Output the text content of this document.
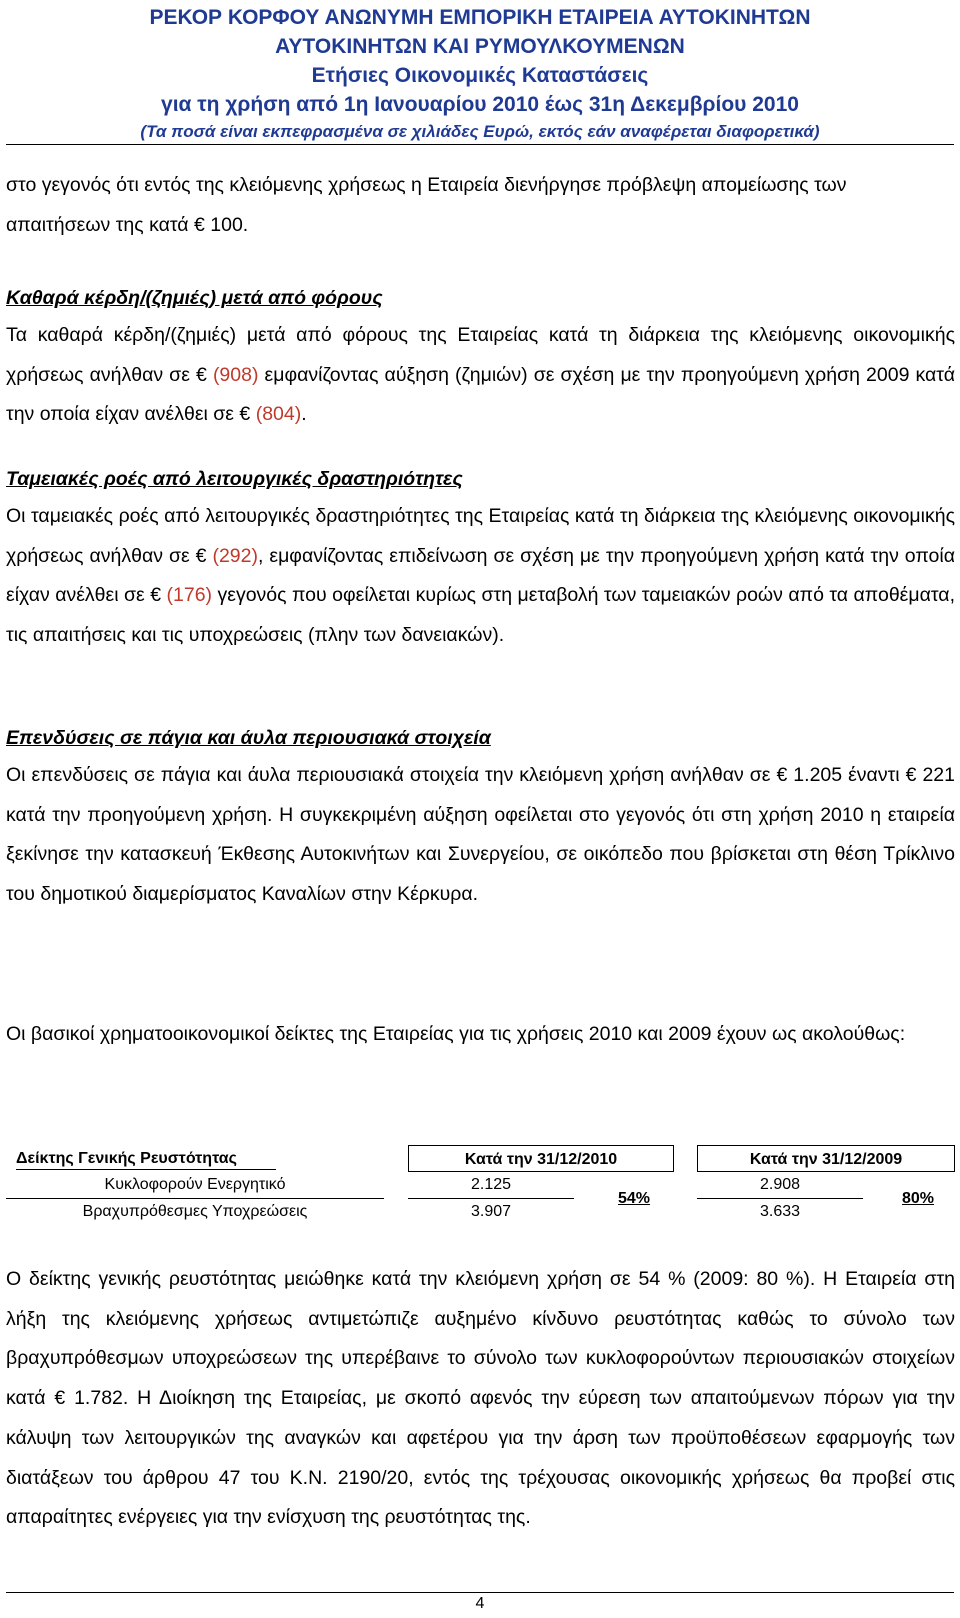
ΡΕΚΟΡ ΚΟΡΦΟΥ ΑΝΩΝΥΜΗ ΕΜΠΟΡΙΚΗ ΕΤΑΙΡΕΙΑ ΑΥΤΟΚΙΝΗΤΩΝ
ΑΥΤΟΚΙΝΗΤΩΝ ΚΑΙ ΡΥΜΟΥΛΚΟΥΜΕΝΩΝ
Ετήσιες Οικονομικές Καταστάσεις
για τη χρήση από 1η Ιανουαρίου 2010 έως 31η Δεκεμβρίου 2010
(Τα ποσά είναι εκπεφρασμένα σε χιλιάδες Ευρώ, εκτός εάν αναφέρεται διαφορετικά)
στο γεγονός ότι εντός της κλειόμενης χρήσεως η Εταιρεία διενήργησε πρόβλεψη απομείωσης των απαιτήσεων της κατά € 100.
Καθαρά κέρδη/(ζημιές) μετά από φόρους
Τα καθαρά κέρδη/(ζημιές) μετά από φόρους της Εταιρείας κατά τη διάρκεια της κλειόμενης οικονομικής χρήσεως ανήλθαν σε € (908) εμφανίζοντας αύξηση (ζημιών) σε σχέση με την προηγούμενη χρήση 2009 κατά την οποία είχαν ανέλθει σε € (804).
Ταμειακές ροές από λειτουργικές δραστηριότητες
Οι ταμειακές ροές από λειτουργικές δραστηριότητες της Εταιρείας κατά τη διάρκεια της κλειόμενης οικονομικής χρήσεως ανήλθαν σε € (292), εμφανίζοντας επιδείνωση σε σχέση με την προηγούμενη χρήση κατά την οποία είχαν ανέλθει σε € (176) γεγονός που οφείλεται κυρίως στη μεταβολή των ταμειακών ροών από τα αποθέματα, τις απαιτήσεις και τις υποχρεώσεις (πλην των δανειακών).
Επενδύσεις σε πάγια και άυλα περιουσιακά στοιχεία
Οι επενδύσεις σε πάγια και άυλα περιουσιακά στοιχεία την κλειόμενη χρήση ανήλθαν σε € 1.205 έναντι € 221 κατά την προηγούμενη χρήση. Η συγκεκριμένη αύξηση οφείλεται στο γεγονός ότι στη χρήση 2010 η εταιρεία ξεκίνησε την κατασκευή Έκθεσης Αυτοκινήτων και Συνεργείου, σε οικόπεδο που βρίσκεται στη θέση Τρίκλινο του δημοτικού διαμερίσματος Καναλίων στην Κέρκυρα.
Οι βασικοί χρηματοοικονομικοί δείκτες της Εταιρείας για τις χρήσεις 2010 και 2009 έχουν ως ακολούθως:
Δείκτης Γενικής Ρευστότητας	Κατά την 31/12/2010	Κατά την 31/12/2009
Κυκλοφορούν Ενεργητικό
Βραχυπρόθεσμες Υποχρεώσεις
2.125
3.907
54%
2.908
3.633
80%
Ο δείκτης γενικής ρευστότητας μειώθηκε κατά την κλειόμενη χρήση σε 54 % (2009: 80 %). Η Εταιρεία στη λήξη της κλειόμενης χρήσεως αντιμετώπιζε αυξημένο κίνδυνο ρευστότητας καθώς το σύνολο των βραχυπρόθεσμων υποχρεώσεων της υπερέβαινε το σύνολο των κυκλοφορούντων περιουσιακών στοιχείων κατά € 1.782. Η Διοίκηση της Εταιρείας, με σκοπό αφενός την εύρεση των απαιτούμενων πόρων για την κάλυψη των λειτουργικών της αναγκών και αφετέρου για την άρση των προϋποθέσεων εφαρμογής των διατάξεων του άρθρου 47 του Κ.Ν. 2190/20, εντός της τρέχουσας οικονομικής χρήσεως θα προβεί στις απαραίτητες ενέργειες για την ενίσχυση της ρευστότητας της.
4
